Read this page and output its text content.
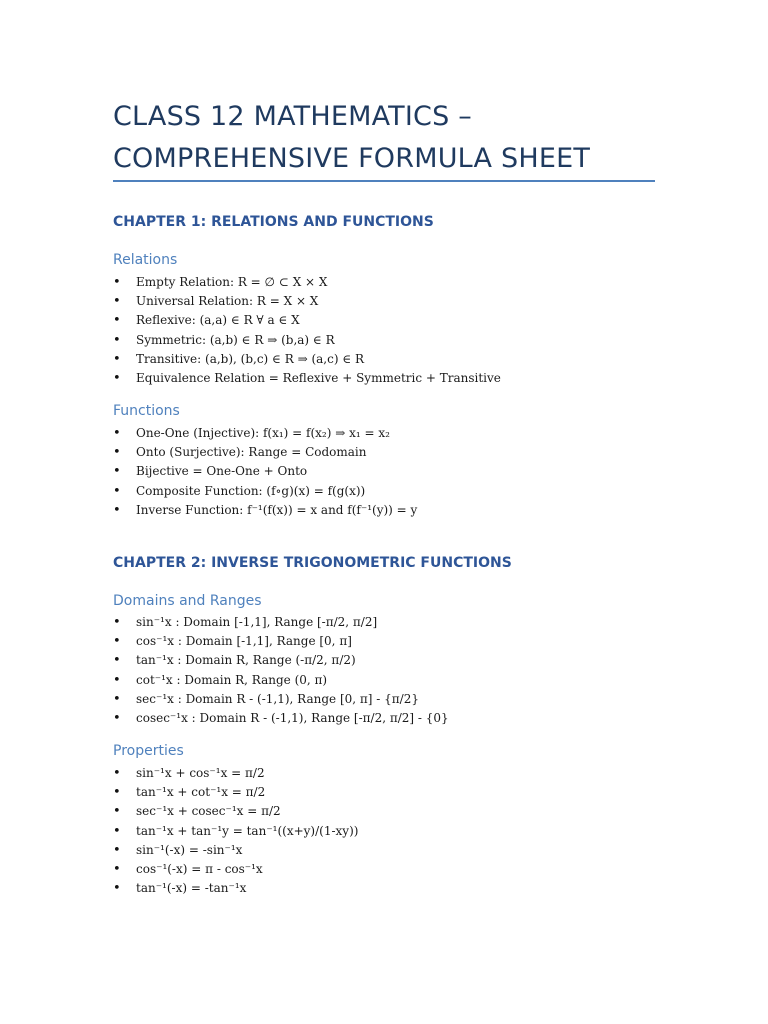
CLASS 12 MATHEMATICS – COMPREHENSIVE FORMULA SHEET
CHAPTER 1: RELATIONS AND FUNCTIONS
Relations
• Empty Relation: R = ∅ ⊂ X × X
• Universal Relation: R = X × X
• Reflexive: (a,a) ∈ R ∀ a ∈ X
• Symmetric: (a,b) ∈ R ⇒ (b,a) ∈ R
• Transitive: (a,b), (b,c) ∈ R ⇒ (a,c) ∈ R
• Equivalence Relation = Reflexive + Symmetric + Transitive
Functions
• One-One (Injective): f(x₁) = f(x₂) ⇒ x₁ = x₂
• Onto (Surjective): Range = Codomain
• Bijective = One-One + Onto
• Composite Function: (f∘g)(x) = f(g(x))
• Inverse Function: f⁻¹(f(x)) = x and f(f⁻¹(y)) = y
CHAPTER 2: INVERSE TRIGONOMETRIC FUNCTIONS
Domains and Ranges
• sin⁻¹x : Domain [-1,1], Range [-π/2, π/2]
• cos⁻¹x : Domain [-1,1], Range [0, π]
• tan⁻¹x : Domain R, Range (-π/2, π/2)
• cot⁻¹x : Domain R, Range (0, π)
• sec⁻¹x : Domain R - (-1,1), Range [0, π] - {π/2}
• cosec⁻¹x : Domain R - (-1,1), Range [-π/2, π/2] - {0}
Properties
• sin⁻¹x + cos⁻¹x = π/2
• tan⁻¹x + cot⁻¹x = π/2
• sec⁻¹x + cosec⁻¹x = π/2
• tan⁻¹x + tan⁻¹y = tan⁻¹((x+y)/(1-xy))
• sin⁻¹(-x) = -sin⁻¹x
• cos⁻¹(-x) = π - cos⁻¹x
• tan⁻¹(-x) = -tan⁻¹x
